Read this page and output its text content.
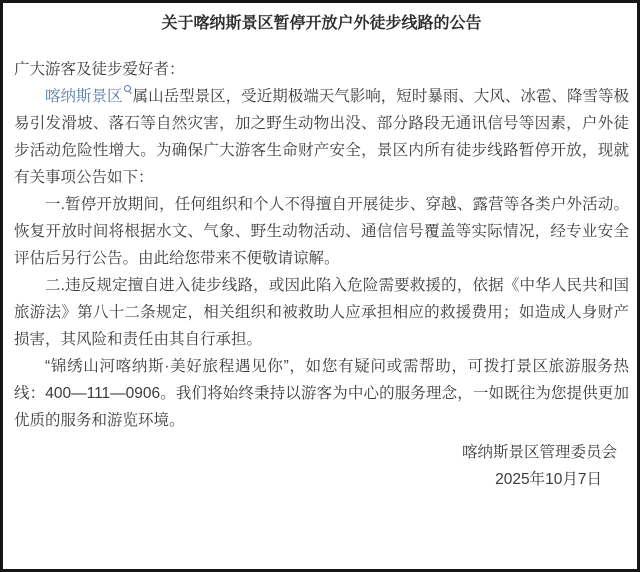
关于喀纳斯景区暂停开放户外徒步线路的公告

广大游客及徒步爱好者：

喀纳斯景区 属山岳型景区，受近期极端天气影响，短时暴雨、大风、冰雹、降雪等极易引发滑坡、落石等自然灾害，加之野生动物出没、部分路段无通讯信号等因素，户外徒步活动危险性增大。为确保广大游客生命财产安全，景区内所有徒步线路暂停开放，现就有关事项公告如下：

一.暂停开放期间，任何组织和个人不得擅自开展徒步、穿越、露营等各类户外活动。恢复开放时间将根据水文、气象、野生动物活动、通信信号覆盖等实际情况，经专业安全评估后另行公告。由此给您带来不便敬请谅解。

二.违反规定擅自进入徒步线路，或因此陷入危险需要救援的，依据《中华人民共和国旅游法》第八十二条规定，相关组织和被救助人应承担相应的救援费用；如造成人身财产损害，其风险和责任由其自行承担。

“锦绣山河喀纳斯·美好旅程遇见你”，如您有疑问或需帮助，可拨打景区旅游服务热线：400—111—0906。我们将始终秉持以游客为中心的服务理念，一如既往为您提供更加优质的服务和游览环境。

喀纳斯景区管理委员会

2025年10月7日
